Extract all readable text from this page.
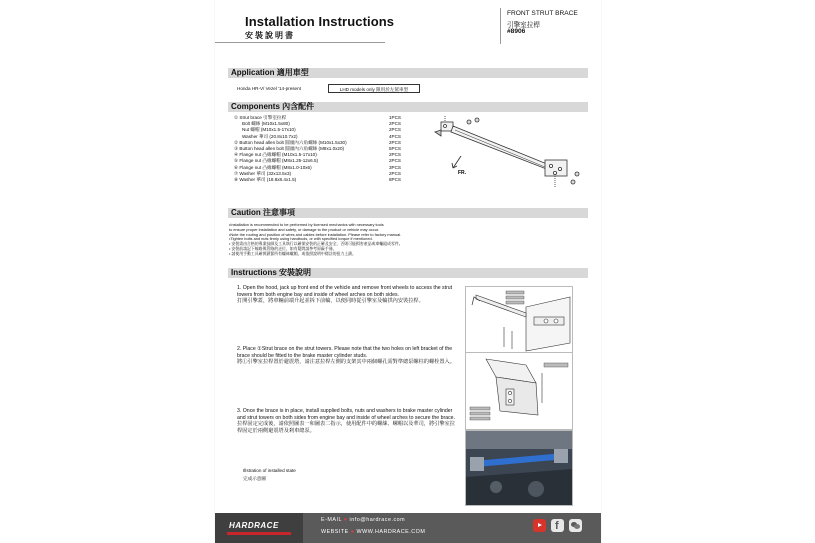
Installation Instructions
安裝說明書
FRONT STRUT BRACE
引擎室拉桿
#8906
Application 適用車型
Honda HR-V/ Vezel '14-present	LHD models only 限用於左駕車型
Components 內含配件
FR.
Caution 注意事項
Instructions 安裝說明
1. Open the hood, jack up front end of the vehicle and remove front wheels to access the strut towers from both engine bay and inside of wheel arches on both sides.
打開引擎蓋，將車輛前端升起並拆下前輪，以便同時從引擎室及輪拱內安裝拉桿。
2. Place ①Strut brace on the strut towers. Please note that the two holes on left bracket of the brace should be fitted to the brake master cylinder studs.
將①引擎室拉桿置於避震塔，請注意拉桿左側的支架其中兩個螺孔需對準總泵螺柱的螺栓置入。
3. Once the brace is in place, install supplied bolts, nuts and washers to brake master cylinder and strut towers on both sides from engine bay and inside of wheel arches to secure the brace.
拉桿固定完成後，請依照圖表一和圖表二指示，使用配件中的螺絲、螺帽以及華司，將引擎室拉桿固定於兩側避震塔及剎車總泵。
Illstration of installed state
完成示意圖
HARDRACE
E-MAIL ● info@hardrace.com
WEBSITE ● WWW.HARDRACE.COM	f
① Strut brace 引擎室拉桿	1PCS
Bolt 螺絲 (M10x1.5x80)	2PCS
Nut 螺帽 (M10x1.5-17x10)	2PCS
Washer 華司 (20.8x10.7x2)	4PCS
② Button head allen bolt 圓頭內六角螺絲 (M10x1.5x30)	2PCS
③ Button head allen bolt 圓頭內六角螺絲 (M8x1.0x20)	5PCS
④ Flange nut 凸緣螺帽 (M10x1.5-17x10)	2PCS
⑤ Flange nut 凸緣螺帽 (M8x1.25-12x6.5)	2PCS
⑥ Flange nut 凸緣螺帽 (M8x1.0-10x6)	3PCS
⑦ Washer 華司 (32x13.5x3)	2PCS
⑧ Washer 華司 (18.8x8.4x1.5)	8PCS
•Installation is recommended to be performed by licensed mechanics with necessary tools
to ensure proper installation and safety, or damage to the product or vehicle may occur.
•Note the routing and position of wires and cables before installation. Please refer to factory manual.
•Tighten bolts and nuts firmly using handtools, or with specified torque if mentioned.
• 安裝需由合格的專業技師及工具執行以確保安裝的正確及安全，否則可能損害產品或車輛組成零件。
• 安裝前請記下線路與管路的走位，如有疑問請參考原廠手冊。
• 請使用手動工具確實鎖緊所有螺絲螺帽，或依照說明中標註的扭力上鎖。
